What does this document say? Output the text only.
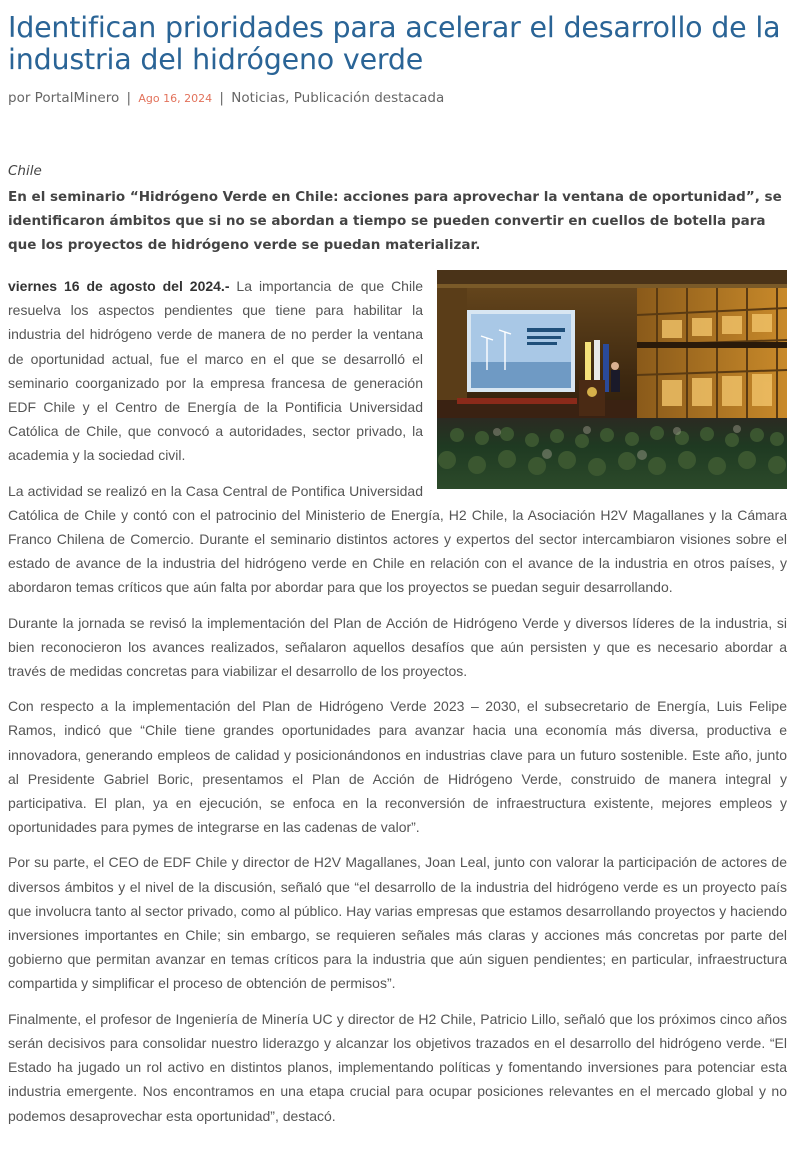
Identifican prioridades para acelerar el desarrollo de la industria del hidrógeno verde
por PortalMinero | Ago 16, 2024 | Noticias, Publicación destacada
Chile
En el seminario “Hidrógeno Verde en Chile: acciones para aprovechar la ventana de oportunidad”, se identificaron ámbitos que si no se abordan a tiempo se pueden convertir en cuellos de botella para que los proyectos de hidrógeno verde se puedan materializar.

viernes 16 de agosto del 2024.- La importancia de que Chile resuelva los aspectos pendientes que tiene para habilitar la industria del hidrógeno verde de manera de no perder la ventana de oportunidad actual, fue el marco en el que se desarrolló el seminario coorganizado por la empresa francesa de generación EDF Chile y el Centro de Energía de la Pontificia Universidad Católica de Chile, que convocó a autoridades, sector privado, la academia y la sociedad civil.

La actividad se realizó en la Casa Central de Pontifica Universidad Católica de Chile y contó con el patrocinio del Ministerio de Energía, H2 Chile, la Asociación H2V Magallanes y la Cámara Franco Chilena de Comercio. Durante el seminario distintos actores y expertos del sector intercambiaron visiones sobre el estado de avance de la industria del hidrógeno verde en Chile en relación con el avance de la industria en otros países, y abordaron temas críticos que aún falta por abordar para que los proyectos se puedan seguir desarrollando.

Durante la jornada se revisó la implementación del Plan de Acción de Hidrógeno Verde y diversos líderes de la industria, si bien reconocieron los avances realizados, señalaron aquellos desafíos que aún persisten y que es necesario abordar a través de medidas concretas para viabilizar el desarrollo de los proyectos.

Con respecto a la implementación del Plan de Hidrógeno Verde 2023 – 2030, el subsecretario de Energía, Luis Felipe Ramos, indicó que “Chile tiene grandes oportunidades para avanzar hacia una economía más diversa, productiva e innovadora, generando empleos de calidad y posicionándonos en industrias clave para un futuro sostenible. Este año, junto al Presidente Gabriel Boric, presentamos el Plan de Acción de Hidrógeno Verde, construido de manera integral y participativa. El plan, ya en ejecución, se enfoca en la reconversión de infraestructura existente, mejores empleos y oportunidades para pymes de integrarse en las cadenas de valor”.

Por su parte, el CEO de EDF Chile y director de H2V Magallanes, Joan Leal, junto con valorar la participación de actores de diversos ámbitos y el nivel de la discusión, señaló que “el desarrollo de la industria del hidrógeno verde es un proyecto país que involucra tanto al sector privado, como al público. Hay varias empresas que estamos desarrollando proyectos y haciendo inversiones importantes en Chile; sin embargo, se requieren señales más claras y acciones más concretas por parte del gobierno que permitan avanzar en temas críticos para la industria que aún siguen pendientes; en particular, infraestructura compartida y simplificar el proceso de obtención de permisos”.

Finalmente, el profesor de Ingeniería de Minería UC y director de H2 Chile, Patricio Lillo, señaló que los próximos cinco años serán decisivos para consolidar nuestro liderazgo y alcanzar los objetivos trazados en el desarrollo del hidrógeno verde. “El Estado ha jugado un rol activo en distintos planos, implementando políticas y fomentando inversiones para potenciar esta industria emergente. Nos encontramos en una etapa crucial para ocupar posiciones relevantes en el mercado global y no podemos desaprovechar esta oportunidad”, destacó.
